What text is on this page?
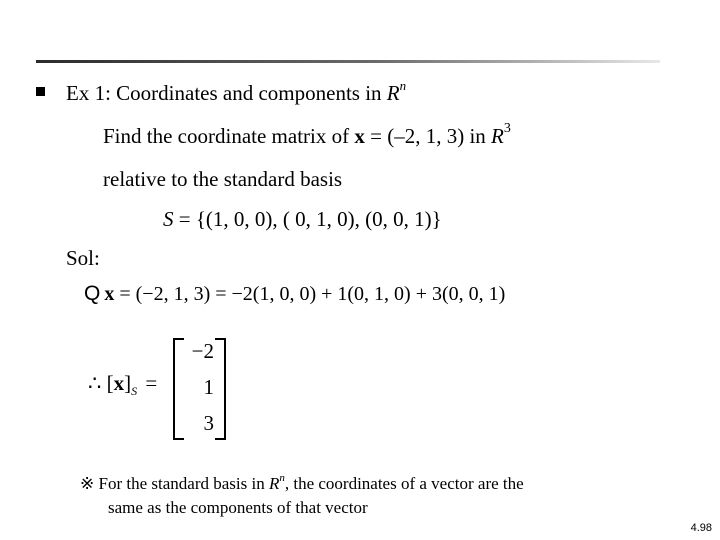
Ex 1: Coordinates and components in $R^n$
Find the coordinate matrix of x = (–2, 1, 3) in $R^3$
relative to the standard basis
S = {(1, 0, 0), ( 0, 1, 0), (0, 0, 1)}
Sol:
Q x = (−2, 1, 3) = −2(1, 0, 0) + 1(0, 1, 0) + 3(0, 0, 1)
∴ $[x]_S$ =
−2
1
3
※ For the standard basis in $R^n$, the coordinates of a vector are the
same as the components of that vector
4.98
